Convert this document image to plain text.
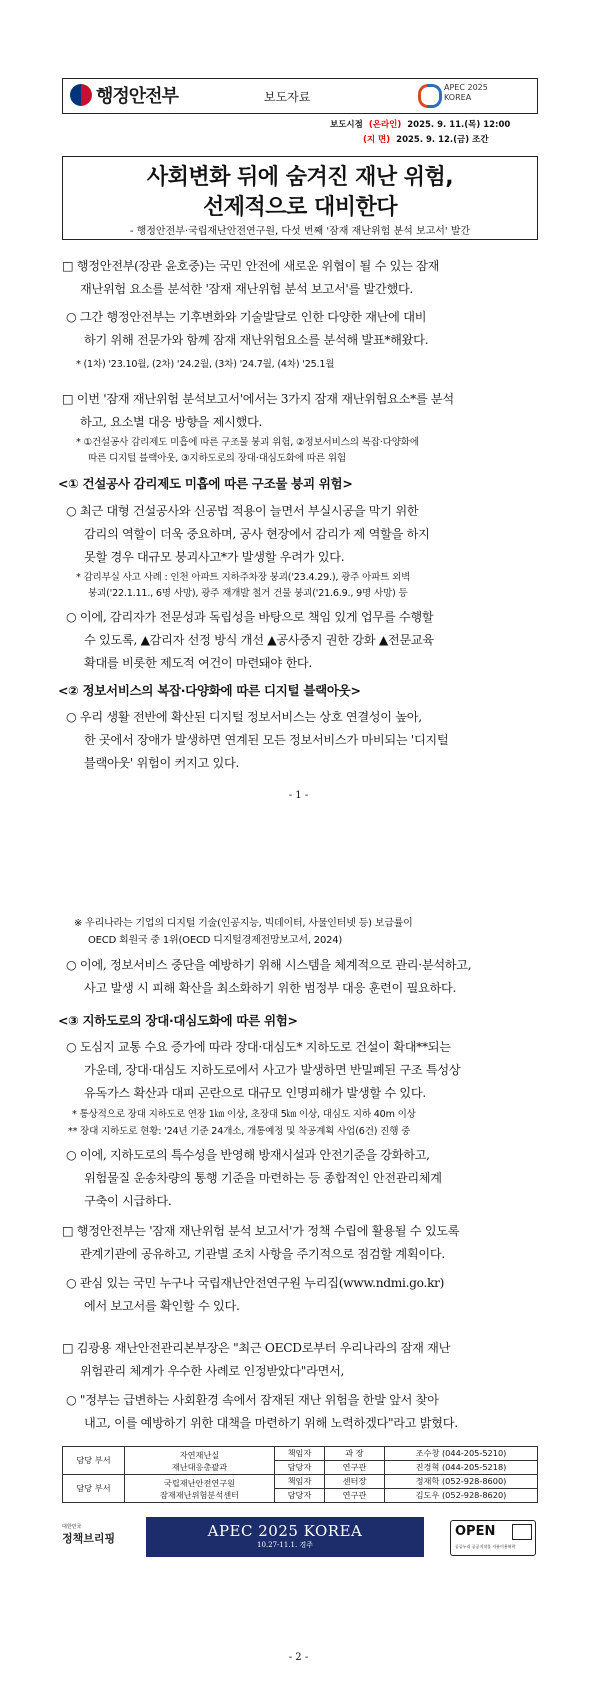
행정안전부	보도자료
APEC 2025
KOREA
보도시점 (온라인) 2025. 9. 11.(목) 12:00
(지 면) 2025. 9. 12.(금) 조간
사회변화 뒤에 숨겨진 재난 위험,
선제적으로 대비한다
- 행정안전부·국립재난안전연구원, 다섯 번째 '잠재 재난위험 분석 보고서' 발간
□ 행정안전부(장관 윤호중)는 국민 안전에 새로운 위협이 될 수 있는 잠재
재난위험 요소를 분석한 '잠재 재난위험 분석 보고서'를 발간했다.
○ 그간 행정안전부는 기후변화와 기술발달로 인한 다양한 재난에 대비
하기 위해 전문가와 함께 잠재 재난위험요소를 분석해 발표*해왔다.
* (1차) '23.10월, (2차) '24.2월, (3차) '24.7월, (4차) '25.1월
□ 이번 '잠재 재난위험 분석보고서'에서는 3가지 잠재 재난위험요소*를 분석
하고, 요소별 대응 방향을 제시했다.
* ①건설공사 감리제도 미흡에 따른 구조물 붕괴 위험, ②정보서비스의 복잡·다양화에
따른 디지털 블랙아웃, ③지하도로의 장대·대심도화에 따른 위험
<① 건설공사 감리제도 미흡에 따른 구조물 붕괴 위험>
○ 최근 대형 건설공사와 신공법 적용이 늘면서 부실시공을 막기 위한
감리의 역할이 더욱 중요하며, 공사 현장에서 감리가 제 역할을 하지
못할 경우 대규모 붕괴사고*가 발생할 우려가 있다.
* 감리부실 사고 사례 : 인천 아파트 지하주차장 붕괴('23.4.29.), 광주 아파트 외벽
붕괴('22.1.11., 6명 사망), 광주 재개발 철거 건물 붕괴('21.6.9., 9명 사망) 등
○ 이에, 감리자가 전문성과 독립성을 바탕으로 책임 있게 업무를 수행할
수 있도록, ▲감리자 선정 방식 개선 ▲공사중지 권한 강화 ▲전문교육
확대를 비롯한 제도적 여건이 마련돼야 한다.
<② 정보서비스의 복잡·다양화에 따른 디지털 블랙아웃>
○ 우리 생활 전반에 확산된 디지털 정보서비스는 상호 연결성이 높아,
한 곳에서 장애가 발생하면 연계된 모든 정보서비스가 마비되는 '디지털
블랙아웃' 위험이 커지고 있다.
- 1 -
※ 우리나라는 기업의 디지털 기술(인공지능, 빅데이터, 사물인터넷 등) 보급률이
OECD 회원국 중 1위(OECD 디지털경제전망보고서, 2024)
○ 이에, 정보서비스 중단을 예방하기 위해 시스템을 체계적으로 관리·분석하고,
사고 발생 시 피해 확산을 최소화하기 위한 범정부 대응 훈련이 필요하다.
<③ 지하도로의 장대·대심도화에 따른 위험>
○ 도심지 교통 수요 증가에 따라 장대·대심도* 지하도로 건설이 확대**되는
가운데, 장대·대심도 지하도로에서 사고가 발생하면 반밀폐된 구조 특성상
유독가스 확산과 대피 곤란으로 대규모 인명피해가 발생할 수 있다.
* 통상적으로 장대 지하도로 연장 1㎞ 이상, 초장대 5㎞ 이상, 대심도 지하 40m 이상
** 장대 지하도로 현황: '24년 기준 24개소, 개통예정 및 착공계획 사업(6건) 진행 중
○ 이에, 지하도로의 특수성을 반영해 방재시설과 안전기준을 강화하고,
위험물질 운송차량의 통행 기준을 마련하는 등 종합적인 안전관리체계
구축이 시급하다.
□ 행정안전부는 '잠재 재난위험 분석 보고서'가 정책 수립에 활용될 수 있도록
관계기관에 공유하고, 기관별 조치 사항을 주기적으로 점검할 계획이다.
○ 관심 있는 국민 누구나 국립재난안전연구원 누리집(www.ndmi.go.kr)
에서 보고서를 확인할 수 있다.
□ 김광용 재난안전관리본부장은 "최근 OECD로부터 우리나라의 잠재 재난
위험관리 체계가 우수한 사례로 인정받았다"라면서,
○ "정부는 급변하는 사회환경 속에서 잠재된 재난 위험을 한발 앞서 찾아
내고, 이를 예방하기 위한 대책을 마련하기 위해 노력하겠다"라고 밝혔다.
담당 부서	자연재난실
재난대응총괄과	책임자	과 장	조수창 (044-205-5210)
		담당자	연구관	진경혁 (044-205-5218)
담당 부서	국립재난안전연구원
잠재재난위험분석센터	책임자	센터장	정재학 (052-928-8600)
		담당자	연구관	김도우 (052-928-8620)
대한민국
정책브리핑	APEC 2025 KOREA
10.27-11.1. 경주
OPEN
공공누리 공공저작물 자유이용허락
- 2 -
